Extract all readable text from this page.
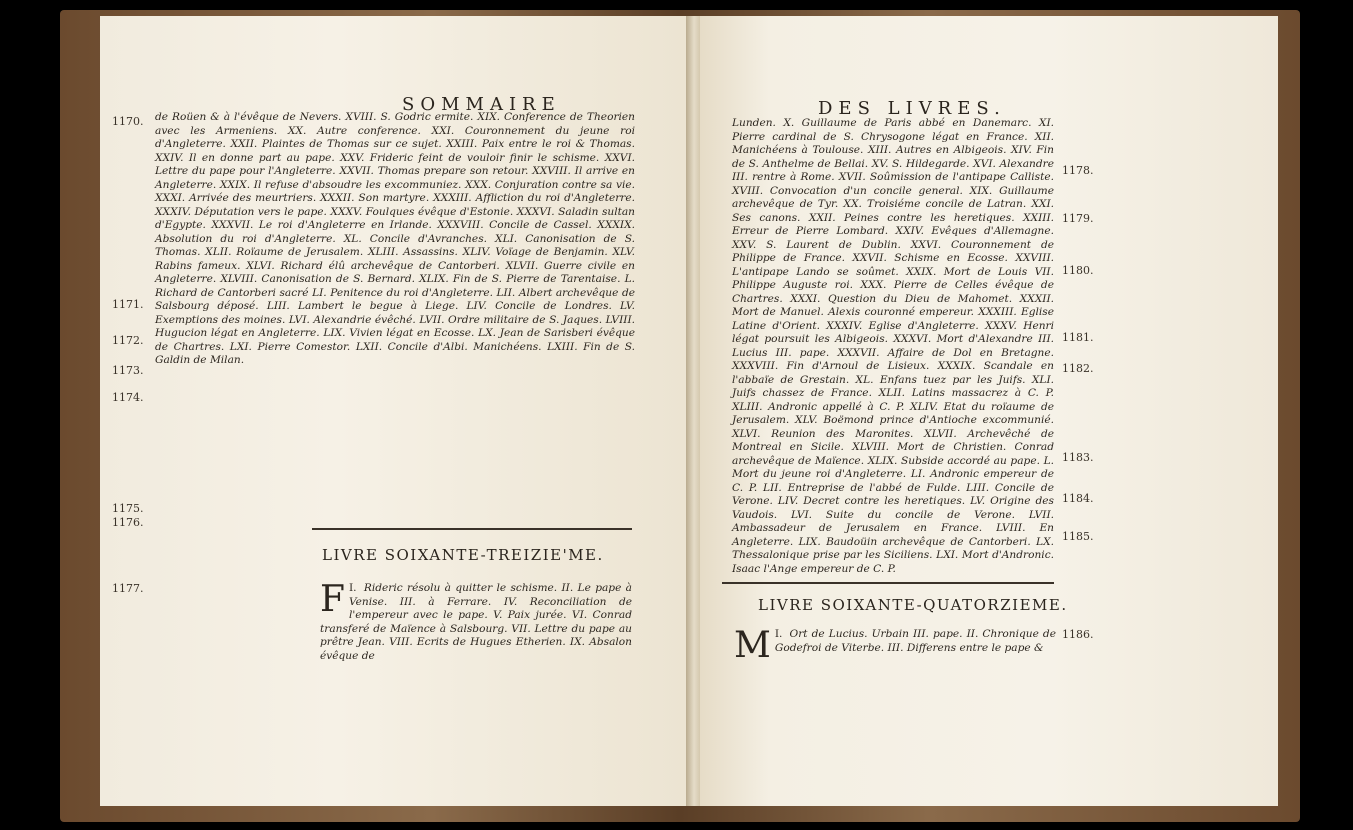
SOMMAIRE
1170.
1171.
1172.
1173.
1174.
1175.
1176.
de Roüen & à l'évêque de Nevers. XVIII. S. Godric ermite. XIX. Conference de Theorien avec les Armeniens. XX. Autre conference. XXI. Couronnement du jeune roi d'Angleterre. XXII. Plaintes de Thomas sur ce sujet. XXIII. Paix entre le roi & Thomas. XXIV. Il en donne part au pape. XXV. Frideric feint de vouloir finir le schisme. XXVI. Lettre du pape pour l'Angleterre. XXVII. Thomas prepare son retour. XXVIII. Il arrive en Angleterre. XXIX. Il refuse d'absoudre les excommuniez. XXX. Conjuration contre sa vie. XXXI. Arrivée des meurtriers. XXXII. Son martyre. XXXIII. Affliction du roi d'Angleterre. XXXIV. Députation vers le pape. XXXV. Foulques évêque d'Estonie. XXXVI. Saladin sultan d'Egypte. XXXVII. Le roi d'Angleterre en Irlande. XXXVIII. Concile de Cassel. XXXIX. Absolution du roi d'Angleterre. XL. Concile d'Avranches. XLI. Canonisation de S. Thomas. XLII. Roïaume de Jerusalem. XLIII. Assassins. XLIV. Voïage de Benjamin. XLV. Rabins fameux. XLVI. Richard élû archevêque de Cantorberi. XLVII. Guerre civile en Angleterre. XLVIII. Canonisation de S. Bernard. XLIX. Fin de S. Pierre de Tarentaise. L. Richard de Cantorberi sacré LI. Penitence du roi d'Angleterre. LII. Albert archevêque de Salsbourg déposé. LIII. Lambert le begue à Liege. LIV. Concile de Londres. LV. Exemptions des moines. LVI. Alexandrie évêché. LVII. Ordre militaire de S. Jaques. LVIII. Hugucion légat en Angleterre. LIX. Vivien légat en Ecosse. LX. Jean de Sarisberi évêque de Chartres. LXI. Pierre Comestor. LXII. Concile d'Albi. Manichéens. LXIII. Fin de S. Galdin de Milan.
LIVRE SOIXANTE-TREIZIE'ME.
1177.	I.
F Rideric résolu à quitter le schisme. II. Le pape à Venise. III. à Ferrare. IV. Reconciliation de l'empereur avec le pape. V. Paix jurée. VI. Conrad transferé de Maïence à Salsbourg. VII. Lettre du pape au prêtre Jean. VIII. Ecrits de Hugues Etherien. IX. Absalon évêque de
DES LIVRES.
1178.
1179.
1180.
1181.
1182.
1183.
1184.
1185.
Lunden. X. Guillaume de Paris abbé en Danemarc. XI. Pierre cardinal de S. Chrysogone légat en France. XII. Manichéens à Toulouse. XIII. Autres en Albigeois. XIV. Fin de S. Anthelme de Bellai. XV. S. Hildegarde. XVI. Alexandre III. rentre à Rome. XVII. Soûmission de l'antipape Calliste. XVIII. Convocation d'un concile general. XIX. Guillaume archevêque de Tyr. XX. Troisiéme concile de Latran. XXI. Ses canons. XXII. Peines contre les heretiques. XXIII. Erreur de Pierre Lombard. XXIV. Evêques d'Allemagne. XXV. S. Laurent de Dublin. XXVI. Couronnement de Philippe de France. XXVII. Schisme en Ecosse. XXVIII. L'antipape Lando se soûmet. XXIX. Mort de Louis VII. Philippe Auguste roi. XXX. Pierre de Celles évêque de Chartres. XXXI. Question du Dieu de Mahomet. XXXII. Mort de Manuel. Alexis couronné empereur. XXXIII. Eglise Latine d'Orient. XXXIV. Eglise d'Angleterre. XXXV. Henri légat poursuit les Albigeois. XXXVI. Mort d'Alexandre III. Lucius III. pape. XXXVII. Affaire de Dol en Bretagne. XXXVIII. Fin d'Arnoul de Lisieux. XXXIX. Scandale en l'abbaïe de Grestain. XL. Enfans tuez par les Juifs. XLI. Juifs chassez de France. XLII. Latins massacrez à C. P. XLIII. Andronic appellé à C. P. XLIV. Etat du roïaume de Jerusalem. XLV. Boëmond prince d'Antioche excommunié. XLVI. Reunion des Maronites. XLVII. Archevêché de Montreal en Sicile. XLVIII. Mort de Christien. Conrad archevêque de Maïence. XLIX. Subside accordé au pape. L. Mort du jeune roi d'Angleterre. LI. Andronic empereur de C. P. LII. Entreprise de l'abbé de Fulde. LIII. Concile de Verone. LIV. Decret contre les heretiques. LV. Origine des Vaudois. LVI. Suite du concile de Verone. LVII. Ambassadeur de Jerusalem en France. LVIII. En Angleterre. LIX. Baudoüin archevêque de Cantorberi. LX. Thessalonique prise par les Siciliens. LXI. Mort d'Andronic. Isaac l'Ange empereur de C. P.
LIVRE SOIXANTE-QUATORZIEME.
1186.
I.
M Ort de Lucius. Urbain III. pape. II. Chronique de Godefroi de Viterbe. III. Differens entre le pape &
